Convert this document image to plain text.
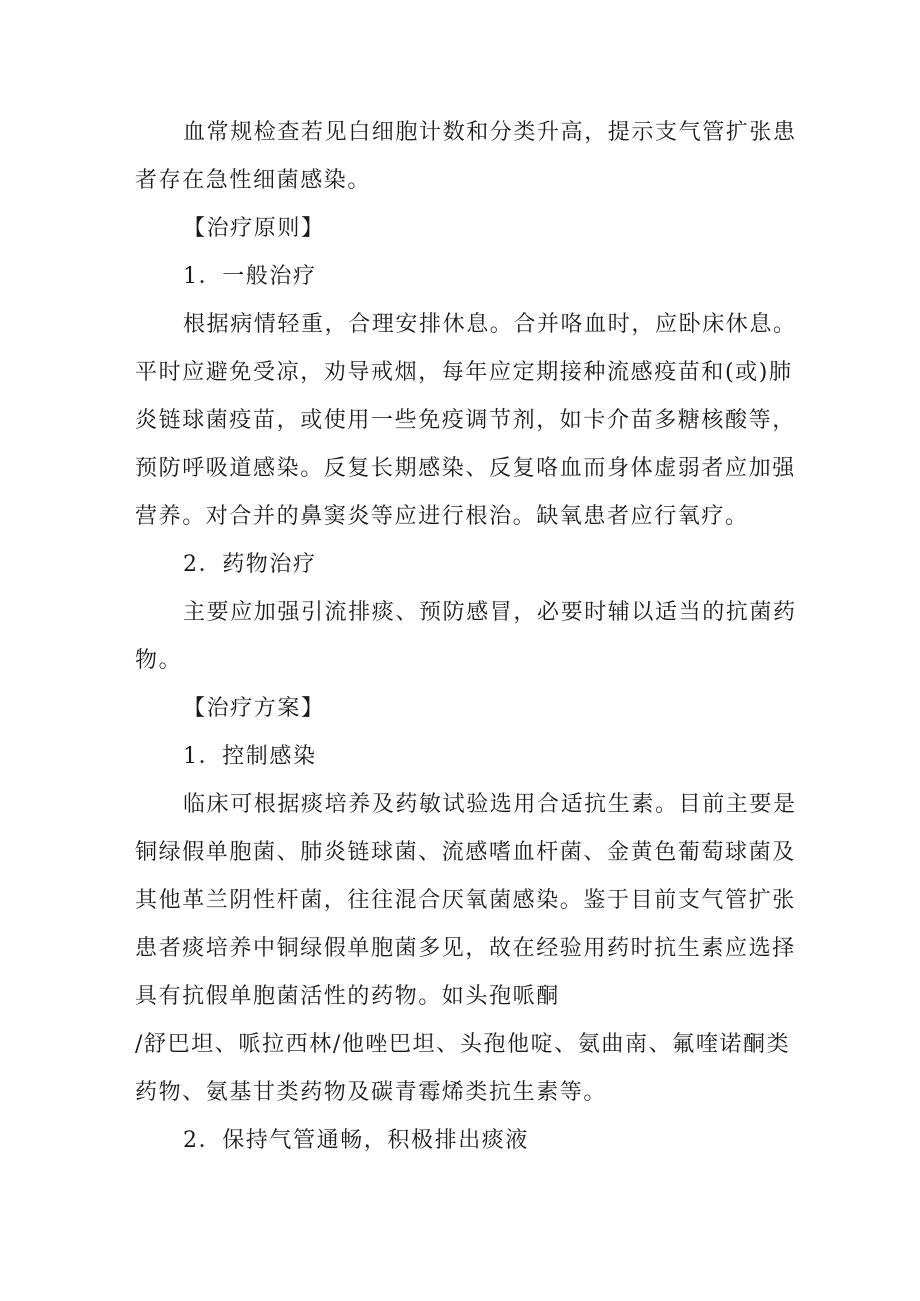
血常规检查若见白细胞计数和分类升高，提示支气管扩张患
者存在急性细菌感染。
【治疗原则】
1．一般治疗
根据病情轻重，合理安排休息。合并咯血时，应卧床休息。
平时应避免受凉，劝导戒烟，每年应定期接种流感疫苗和(或)肺
炎链球菌疫苗，或使用一些免疫调节剂，如卡介苗多糖核酸等，
预防呼吸道感染。反复长期感染、反复咯血而身体虚弱者应加强
营养。对合并的鼻窦炎等应进行根治。缺氧患者应行氧疗。
2．药物治疗
主要应加强引流排痰、预防感冒，必要时辅以适当的抗菌药
物。
【治疗方案】
1．控制感染
临床可根据痰培养及药敏试验选用合适抗生素。目前主要是
铜绿假单胞菌、肺炎链球菌、流感嗜血杆菌、金黄色葡萄球菌及
其他革兰阴性杆菌，往往混合厌氧菌感染。鉴于目前支气管扩张
患者痰培养中铜绿假单胞菌多见，故在经验用药时抗生素应选择
具有抗假单胞菌活性的药物。如头孢哌酮
/舒巴坦、哌拉西林/他唑巴坦、头孢他啶、氨曲南、氟喹诺酮类
药物、氨基甘类药物及碳青霉烯类抗生素等。
2．保持气管通畅，积极排出痰液
